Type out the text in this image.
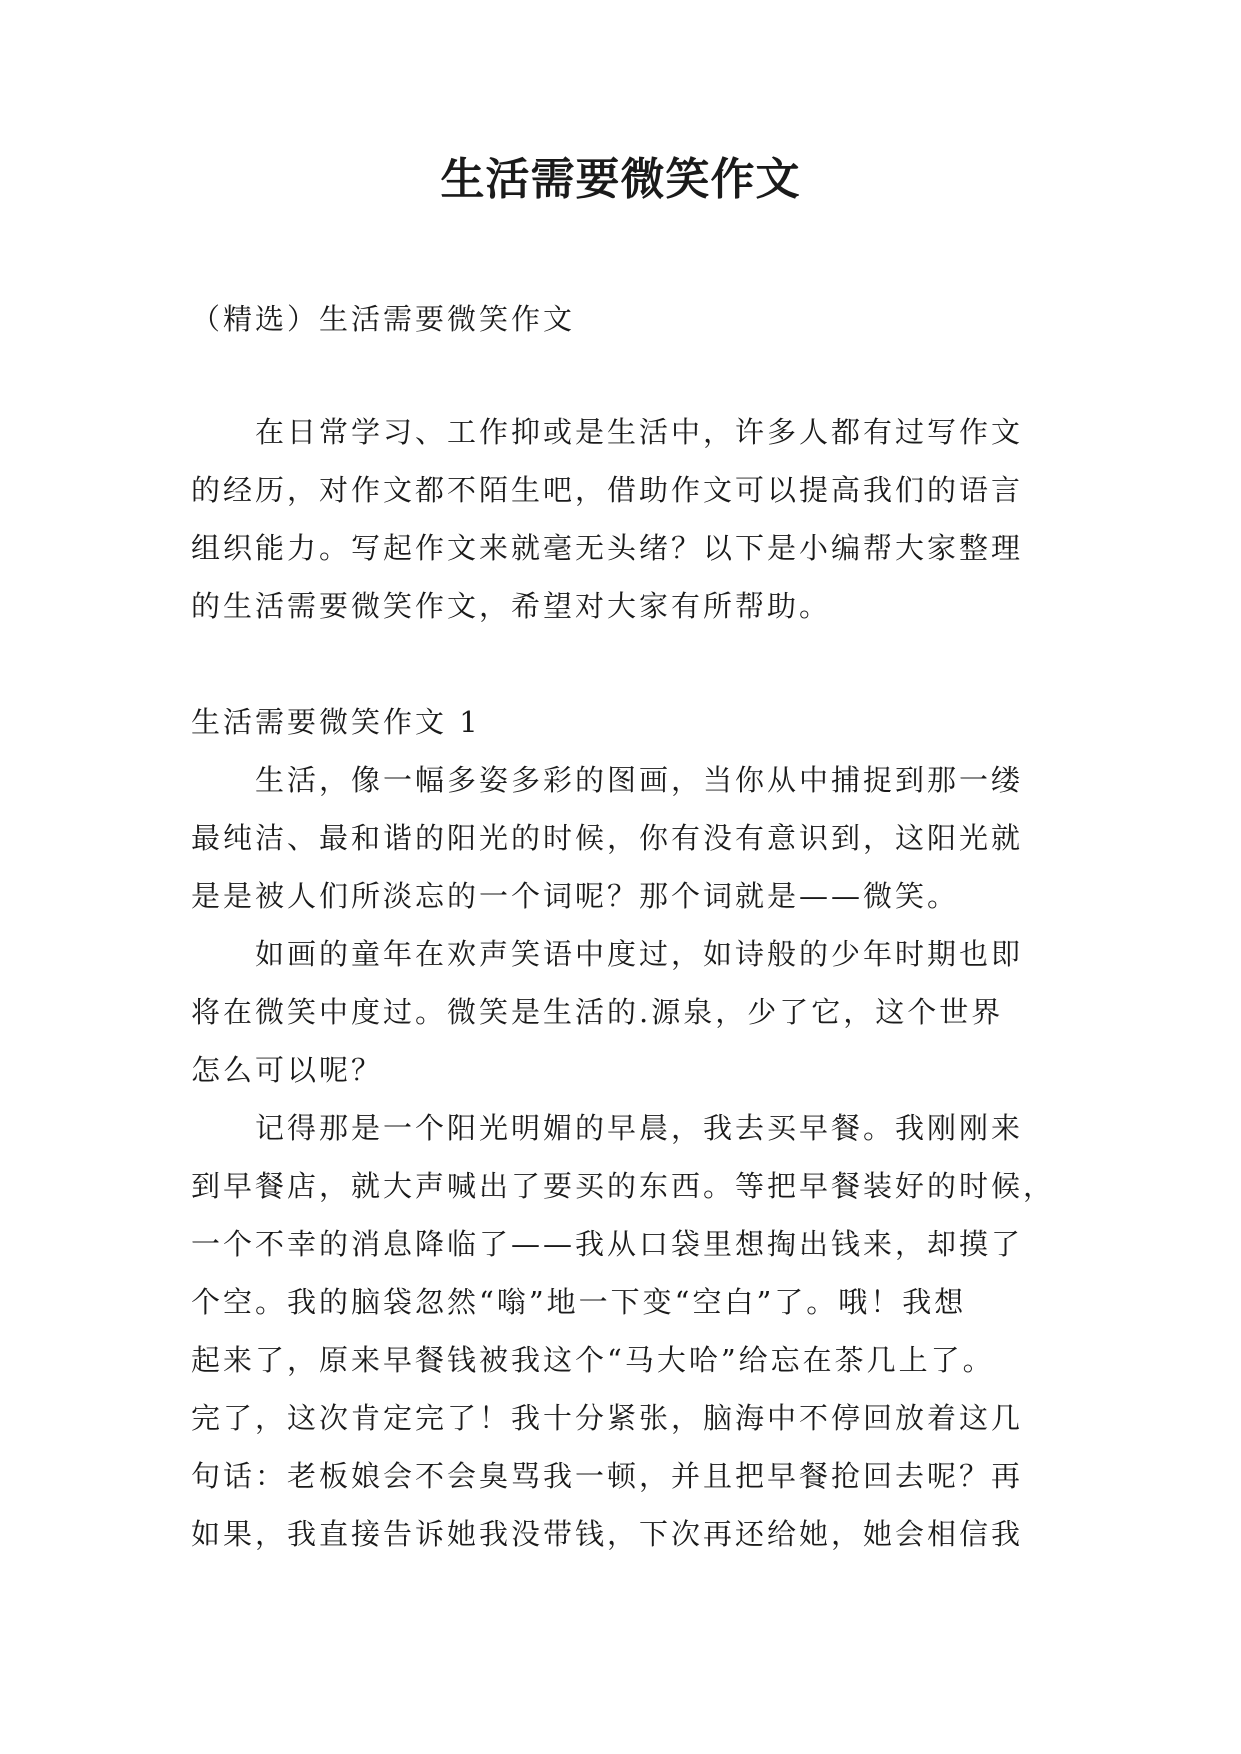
生活需要微笑作文
（精选）生活需要微笑作文
　　在日常学习、工作抑或是生活中，许多人都有过写作文
的经历，对作文都不陌生吧，借助作文可以提高我们的语言
组织能力。写起作文来就毫无头绪？以下是小编帮大家整理
的生活需要微笑作文，希望对大家有所帮助。
生活需要微笑作文 1
　　生活，像一幅多姿多彩的图画，当你从中捕捉到那一缕
最纯洁、最和谐的阳光的时候，你有没有意识到，这阳光就
是是被人们所淡忘的一个词呢？那个词就是——微笑。
　　如画的童年在欢声笑语中度过，如诗般的少年时期也即
将在微笑中度过。微笑是生活的.源泉，少了它，这个世界
怎么可以呢？
　　记得那是一个阳光明媚的早晨，我去买早餐。我刚刚来
到早餐店，就大声喊出了要买的东西。等把早餐装好的时候，
一个不幸的消息降临了——我从口袋里想掏出钱来，却摸了
个空。我的脑袋忽然“嗡”地一下变“空白”了。哦！我想
起来了，原来早餐钱被我这个“马大哈”给忘在茶几上了。
完了，这次肯定完了！我十分紧张，脑海中不停回放着这几
句话：老板娘会不会臭骂我一顿，并且把早餐抢回去呢？再
如果，我直接告诉她我没带钱，下次再还给她，她会相信我
